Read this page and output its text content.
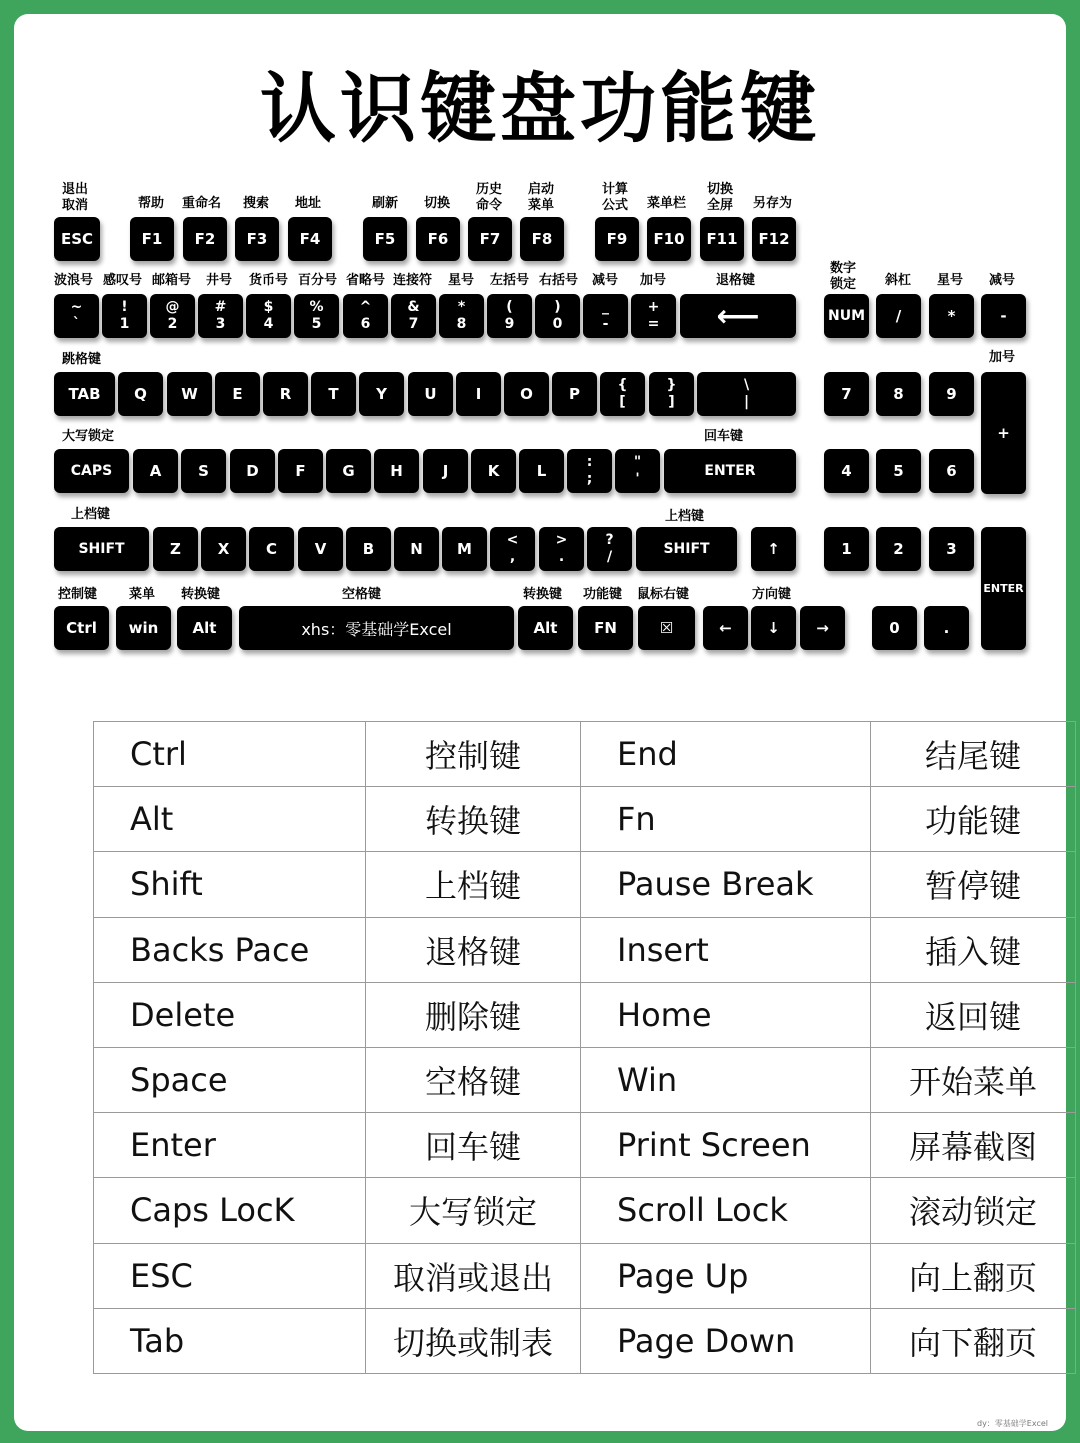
认识键盘功能键
ESC	F1 F2 F3 F4	F5 F6 F7 F8	F9 F10 F11 F12
~
`
!
1
@
2
#
3
$
4
%
5
^
6
&
7
*
8
(
9
)
0
_
-
+
= ⟵
TAB Q W E R T Y U	I	O P	{
[
}
]
\
|
CAPS A S D F G H	J	K L	:
;
"
'	ENTER
SHIFT	Z X C	V B N M <
,
>
.
?
/	SHIFT	↑
Ctrl win Alt	xhs：零基础学Excel	Alt FN	☒	← ↓ →
NUM /	*	-
7	8	9
+
4	5	6
1	2	3
ENTER
0	.
退出
取消	帮助 重命名 搜索 地址	刷新 切换
历史
命令
启动
菜单
计算
公式 菜单栏
切换
全屏 另存为
波浪号 感叹号 邮箱号 井号 货币号 百分号 省略号 连接符 星号 左括号 右括号 减号 加号	退格键
数字
锁定 斜杠 星号 减号
跳格键	加号
大写锁定	回车键
上档键	上档键
控制键 菜单 转换键	空格键	转换键 功能键 鼠标右键	方向键
Ctrl	控制键	End	结尾键
Alt	转换键	Fn	功能键
Shift	上档键	Pause Break	暂停键
Backs Pace	退格键	Insert	插入键
Delete	删除键	Home	返回键
Space	空格键	Win	开始菜单
Enter	回车键	Print Screen	屏幕截图
Caps LocK	大写锁定	Scroll Lock	滚动锁定
ESC	取消或退出	Page Up	向上翻页
Tab	切换或制表	Page Down	向下翻页
dy：零基础学Excel
